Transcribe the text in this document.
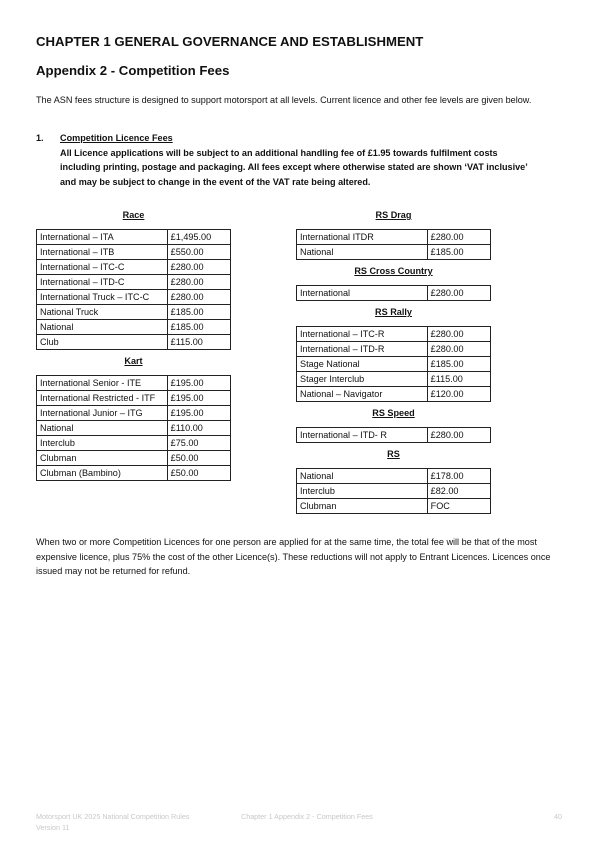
CHAPTER 1 GENERAL GOVERNANCE AND ESTABLISHMENT
Appendix 2 - Competition Fees

The ASN fees structure is designed to support motorsport at all levels. Current licence and other fee levels are given below.

1. Competition Licence Fees

All Licence applications will be subject to an additional handling fee of £1.95 towards fulfilment costs including printing, postage and packaging. All fees except where otherwise stated are shown ‘VAT inclusive’ and may be subject to change in the event of the VAT rate being altered.

Race
International – ITA	£1,495.00
International – ITB	£550.00
International – ITC-C	£280.00
International – ITD-C	£280.00
International Truck – ITC-C	£280.00
National Truck	£185.00
National	£185.00
Club	£115.00
Kart
International Senior - ITE	£195.00
International Restricted - ITF	£195.00
International Junior – ITG	£195.00
National	£110.00
Interclub	£75.00
Clubman	£50.00
Clubman (Bambino)	£50.00
RS Drag
International ITDR	£280.00
National	£185.00
RS Cross Country
International	£280.00
RS Rally
International – ITC-R	£280.00
International – ITD-R	£280.00
Stage National	£185.00
Stager Interclub	£115.00
National – Navigator	£120.00
RS Speed
International – ITD- R	£280.00
RS
National	£178.00
Interclub	£82.00
Clubman	FOC

When two or more Competition Licences for one person are applied for at the same time, the total fee will be that of the most expensive licence, plus 75% the cost of the other Licence(s). These reductions will not apply to Entrant Licences. Licences once issued may not be returned for refund.

Motorsport UK 2025 National Competition Rules
Version 11
Chapter 1 Appendix 2 - Competition Fees	40
